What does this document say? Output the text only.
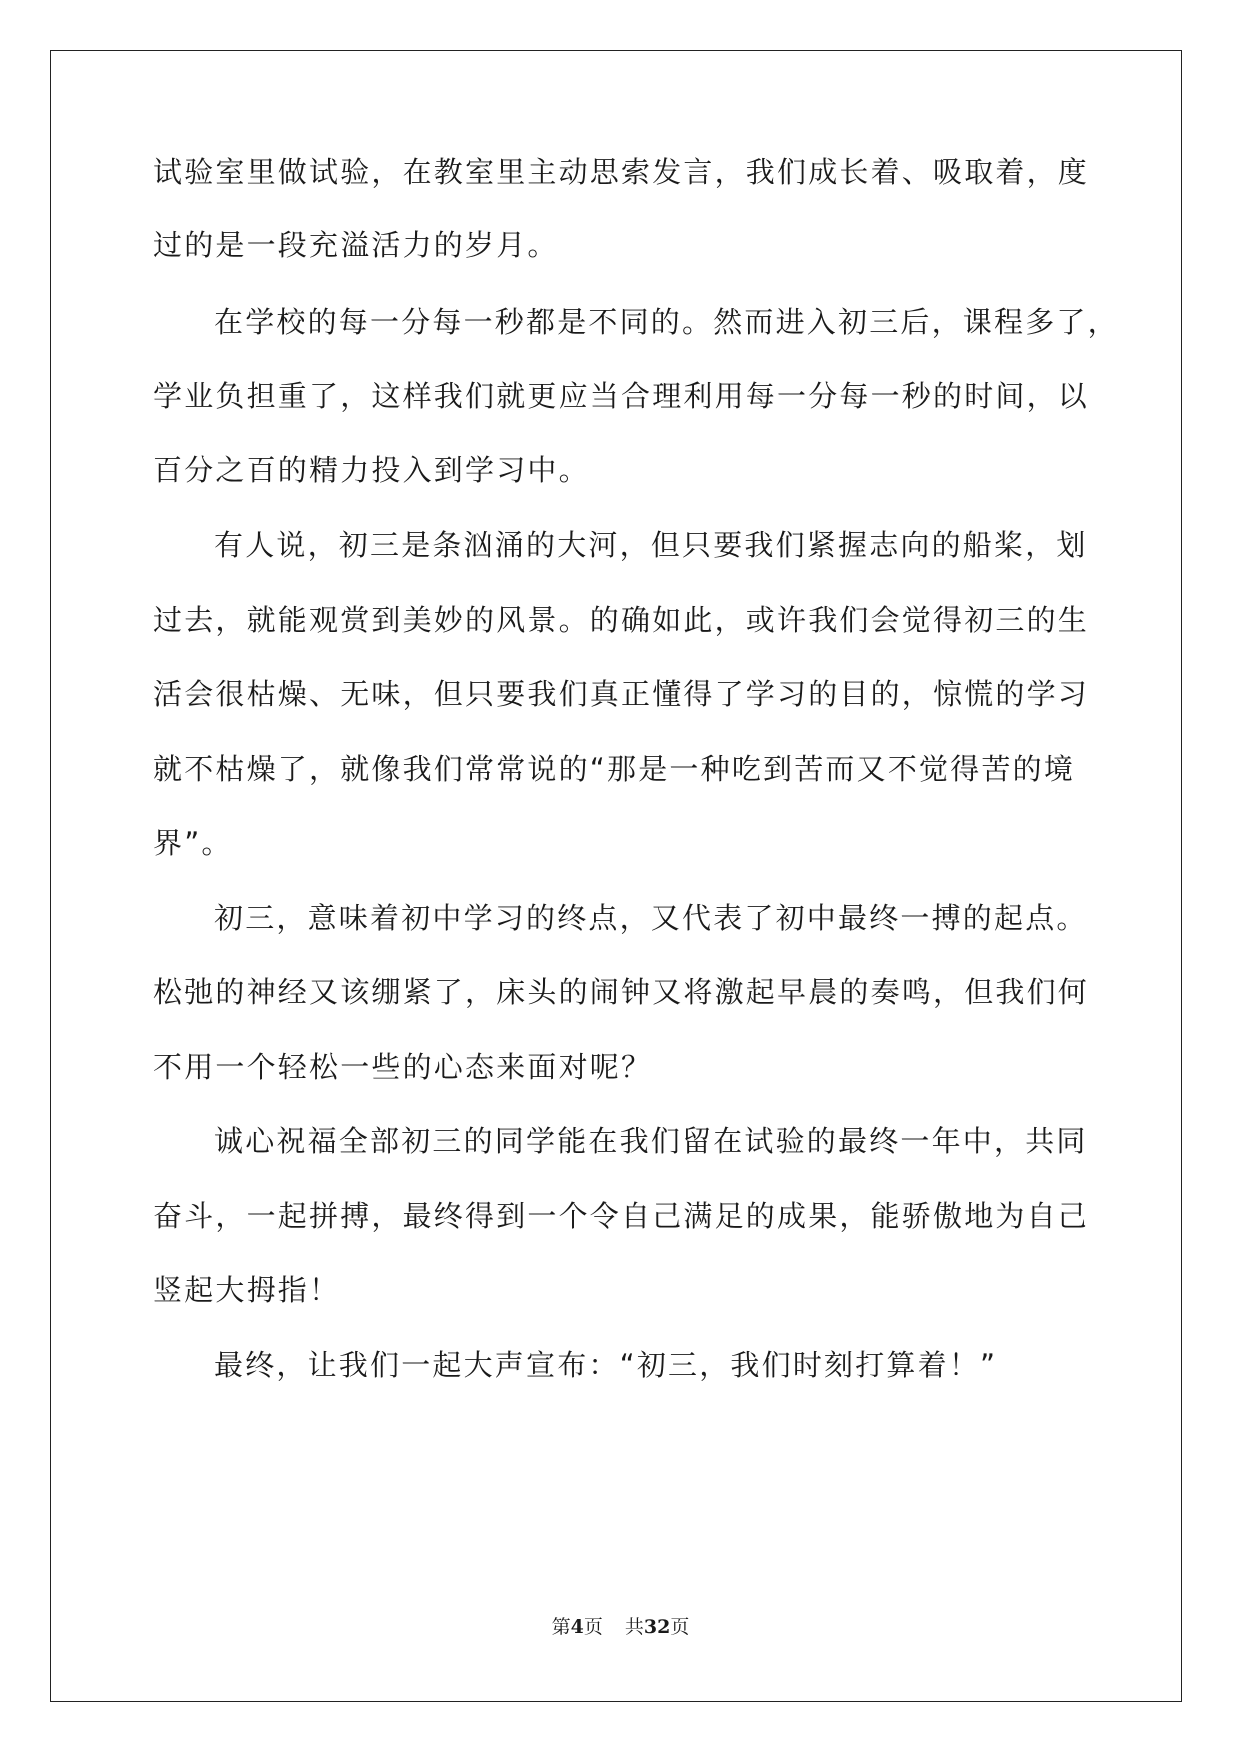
试验室里做试验，在教室里主动思索发言，我们成长着、吸取着，度
过的是一段充溢活力的岁月。
在学校的每一分每一秒都是不同的。然而进入初三后，课程多了，
学业负担重了，这样我们就更应当合理利用每一分每一秒的时间，以
百分之百的精力投入到学习中。
有人说，初三是条汹涌的大河，但只要我们紧握志向的船桨，划
过去，就能观赏到美妙的风景。的确如此，或许我们会觉得初三的生
活会很枯燥、无味，但只要我们真正懂得了学习的目的，惊慌的学习
就不枯燥了，就像我们常常说的“那是一种吃到苦而又不觉得苦的境
界”。
初三，意味着初中学习的终点，又代表了初中最终一搏的起点。
松弛的神经又该绷紧了，床头的闹钟又将激起早晨的奏鸣，但我们何
不用一个轻松一些的心态来面对呢？
诚心祝福全部初三的同学能在我们留在试验的最终一年中，共同
奋斗，一起拼搏，最终得到一个令自己满足的成果，能骄傲地为自己
竖起大拇指！
最终，让我们一起大声宣布：“初三，我们时刻打算着！”
第4页 共32页
